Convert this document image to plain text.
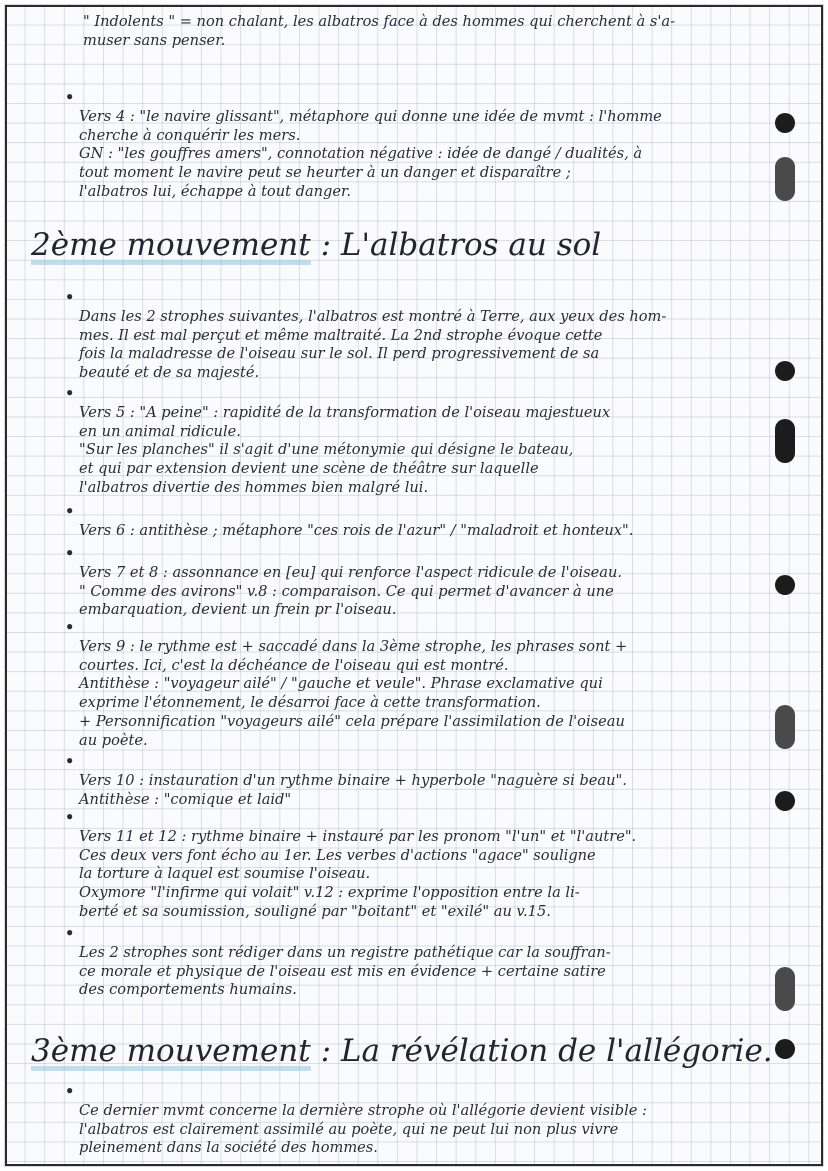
" Indolents " = non chalant, les albatros face à des hommes qui cherchent à s'a-
muser sans penser.

•
Vers 4 : "le navire glissant", métaphore qui donne une idée de mvmt : l'homme
cherche à conquérir les mers.
GN : "les gouffres amers", connotation négative : idée de dangé / dualités, à
tout moment le navire peut se heurter à un danger et disparaître ;
l'albatros lui, échappe à tout danger.

2ème mouvement : L'albatros au sol

•
Dans les 2 strophes suivantes, l'albatros est montré à Terre, aux yeux des hom-
mes. Il est mal perçut et même maltraité. La 2nd strophe évoque cette
fois la maladresse de l'oiseau sur le sol. Il perd progressivement de sa
beauté et de sa majesté.

•
Vers 5 : "A peine" : rapidité de la transformation de l'oiseau majestueux
en un animal ridicule.
"Sur les planches" il s'agit d'une métonymie qui désigne le bateau,
et qui par extension devient une scène de théâtre sur laquelle
l'albatros divertie des hommes bien malgré lui.

•
Vers 6 : antithèse ; métaphore "ces rois de l'azur" / "maladroit et honteux".

•
Vers 7 et 8 : assonnance en [eu] qui renforce l'aspect ridicule de l'oiseau.
" Comme des avirons" v.8 : comparaison. Ce qui permet d'avancer à une
embarquation, devient un frein pr l'oiseau.

•
Vers 9 : le rythme est + saccadé dans la 3ème strophe, les phrases sont +
courtes. Ici, c'est la déchéance de l'oiseau qui est montré.
Antithèse : "voyageur ailé" / "gauche et veule". Phrase exclamative qui
exprime l'étonnement, le désarroi face à cette transformation.
+ Personnification "voyageurs ailé" cela prépare l'assimilation de l'oiseau
au poète.

•
Vers 10 : instauration d'un rythme binaire + hyperbole "naguère si beau".
Antithèse : "comique et laid"

•
Vers 11 et 12 : rythme binaire + instauré par les pronom "l'un" et "l'autre".
Ces deux vers font écho au 1er. Les verbes d'actions "agace" souligne
la torture à laquel est soumise l'oiseau.
Oxymore "l'infirme qui volait" v.12 : exprime l'opposition entre la li-
berté et sa soumission, souligné par "boitant" et "exilé" au v.15.

•
Les 2 strophes sont rédiger dans un registre pathétique car la souffran-
ce morale et physique de l'oiseau est mis en évidence + certaine satire
des comportements humains.

3ème mouvement : La révélation de l'allégorie.

•
Ce dernier mvmt concerne la dernière strophe où l'allégorie devient visible :
l'albatros est clairement assimilé au poète, qui ne peut lui non plus vivre
pleinement dans la société des hommes.
